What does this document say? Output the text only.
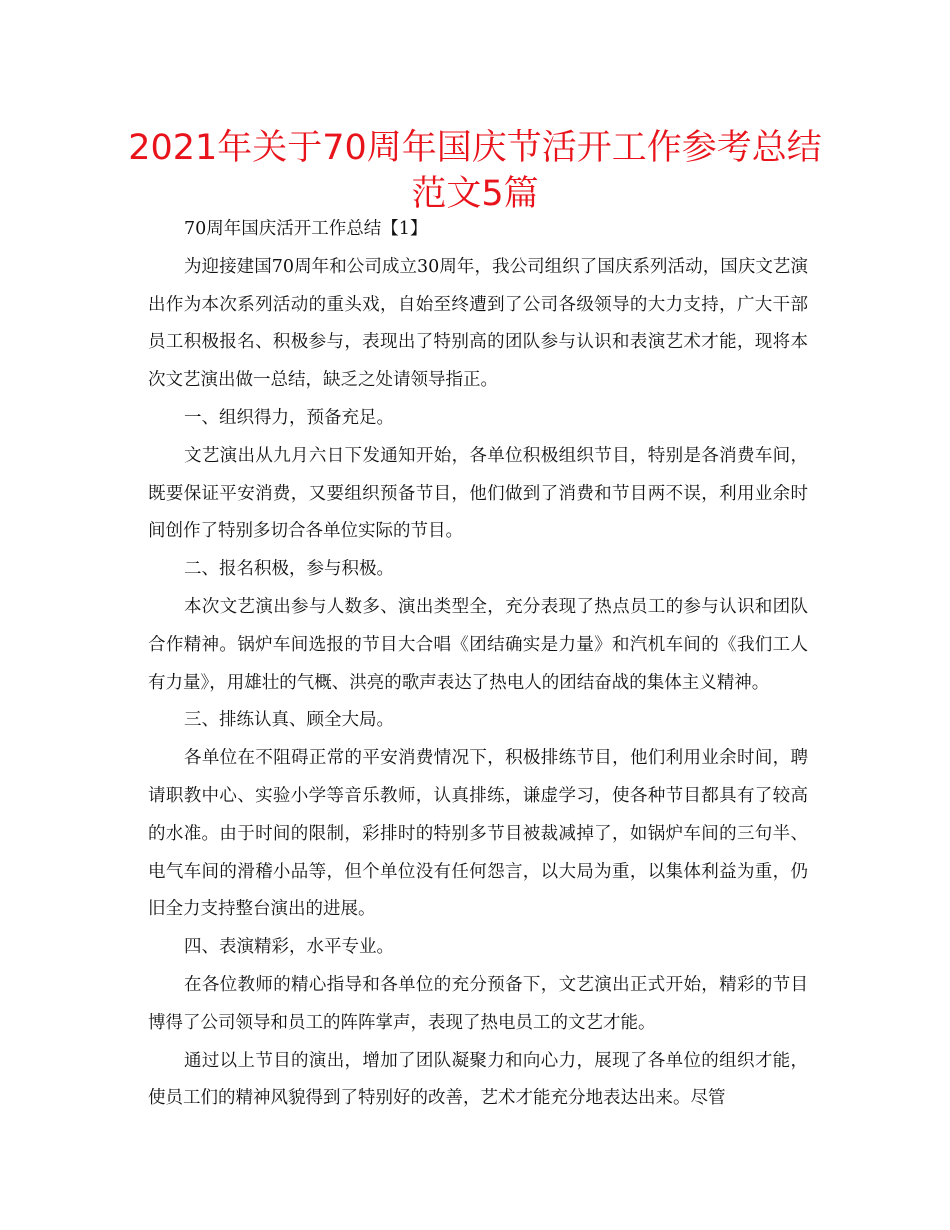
2021年关于70周年国庆节活开工作参考总结
范文5篇

70周年国庆活开工作总结【1】

为迎接建国70周年和公司成立30周年，我公司组织了国庆系列活动，国庆文艺演出作为本次系列活动的重头戏，自始至终遭到了公司各级领导的大力支持，广大干部员工积极报名、积极参与，表现出了特别高的团队参与认识和表演艺术才能，现将本次文艺演出做一总结，缺乏之处请领导指正。

一、组织得力，预备充足。

文艺演出从九月六日下发通知开始，各单位积极组织节目，特别是各消费车间，既要保证平安消费，又要组织预备节目，他们做到了消费和节目两不误，利用业余时间创作了特别多切合各单位实际的节目。

二、报名积极，参与积极。

本次文艺演出参与人数多、演出类型全，充分表现了热点员工的参与认识和团队合作精神。锅炉车间选报的节目大合唱《团结确实是力量》和汽机车间的《我们工人有力量》，用雄壮的气概、洪亮的歌声表达了热电人的团结奋战的集体主义精神。

三、排练认真、顾全大局。

各单位在不阻碍正常的平安消费情况下，积极排练节目，他们利用业余时间，聘请职教中心、实验小学等音乐教师，认真排练，谦虚学习，使各种节目都具有了较高的水准。由于时间的限制，彩排时的特别多节目被裁减掉了，如锅炉车间的三句半、电气车间的滑稽小品等，但个单位没有任何怨言，以大局为重，以集体利益为重，仍旧全力支持整台演出的进展。

四、表演精彩，水平专业。

在各位教师的精心指导和各单位的充分预备下，文艺演出正式开始，精彩的节目博得了公司领导和员工的阵阵掌声，表现了热电员工的文艺才能。

通过以上节目的演出，增加了团队凝聚力和向心力，展现了各单位的组织才能，使员工们的精神风貌得到了特别好的改善，艺术才能充分地表达出来。尽管
